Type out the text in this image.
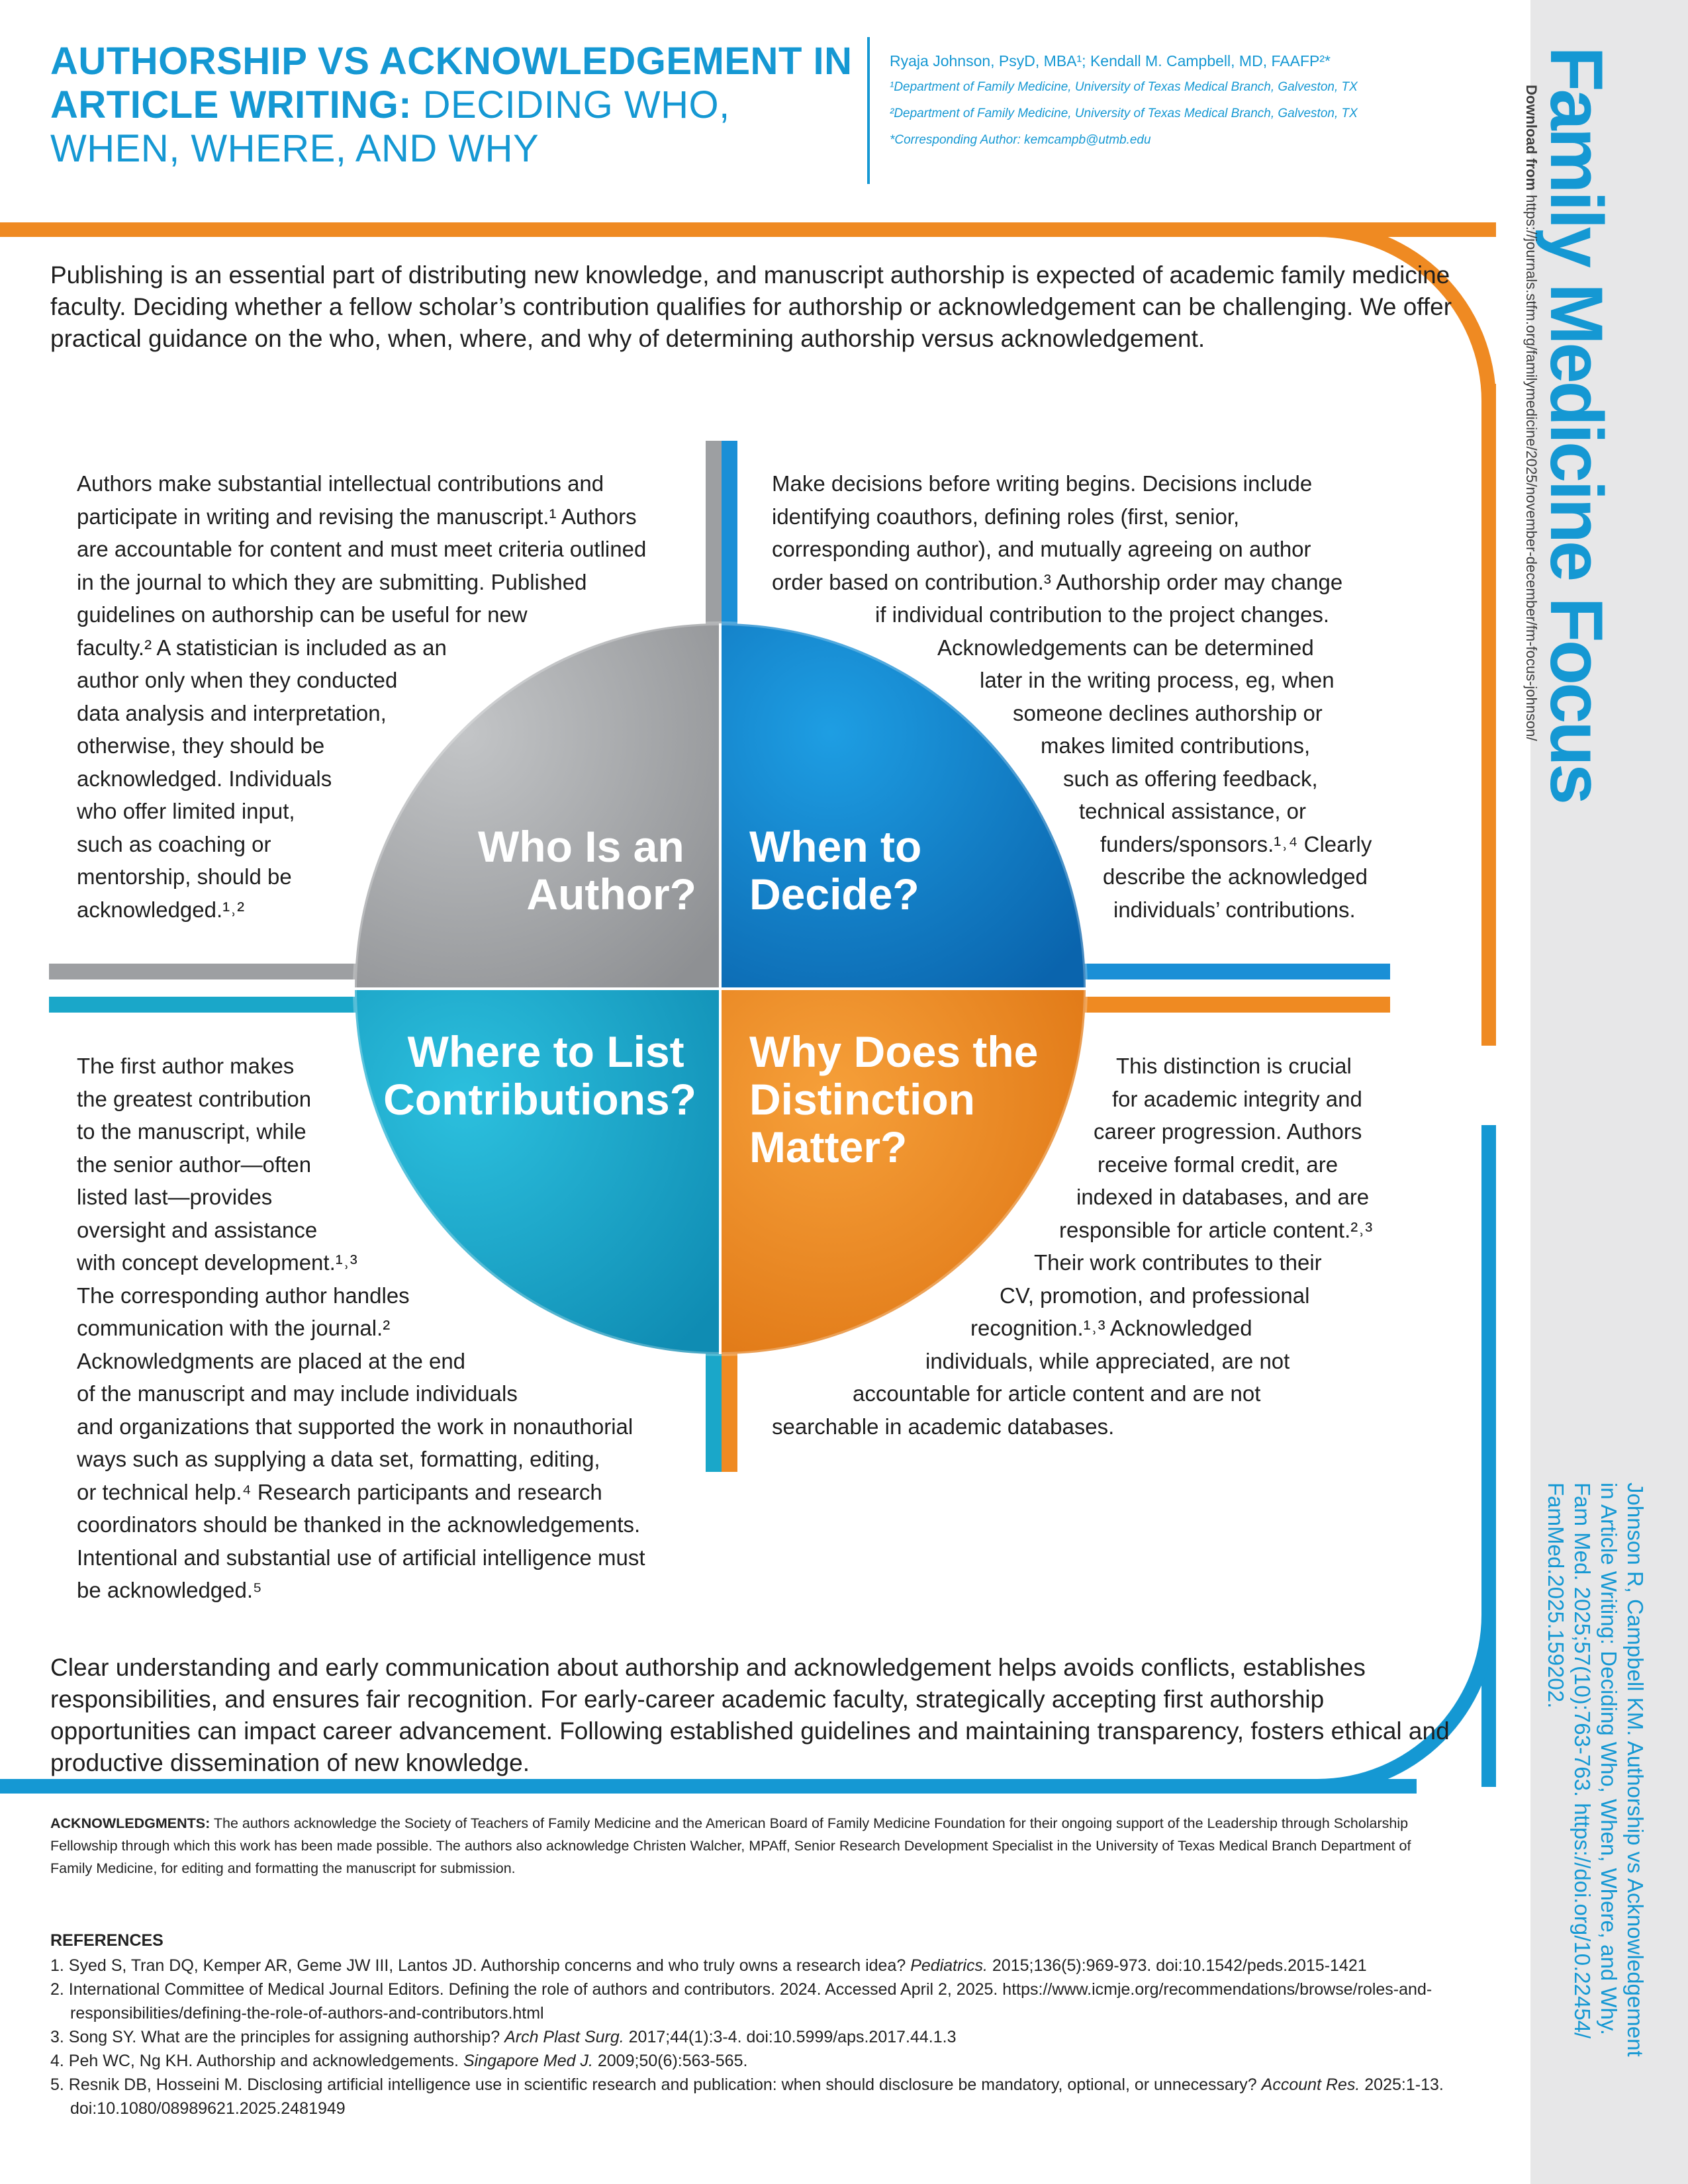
Family Medicine Focus
Download from https://journals.stfm.org/familymedicine/2025/november-december/fm-focus-johnson/
Johnson R, Campbell KM. Authorship vs Acknowledgement
in Article Writing: Deciding Who, When, Where, and Why.
Fam Med. 2025;57(10):763-763. https://doi.org/10.22454/
FamMed.2025.159202.
AUTHORSHIP VS ACKNOWLEDGEMENT IN ARTICLE WRITING: DECIDING WHO, WHEN, WHERE, AND WHY
Ryaja Johnson, PsyD, MBA¹; Kendall M. Campbell, MD, FAAFP²*
¹Department of Family Medicine, University of Texas Medical Branch, Galveston, TX
²Department of Family Medicine, University of Texas Medical Branch, Galveston, TX
*Corresponding Author: kemcampb@utmb.edu
Publishing is an essential part of distributing new knowledge, and manuscript authorship is expected of academic family medicine faculty. Deciding whether a fellow scholar’s contribution qualifies for authorship or acknowledgement can be challenging. We offer practical guidance on the who, when, where, and why of determining authorship versus acknowledgement.
Who Is an Author?
When to Decide?
Where to List Contributions?
Why Does the Distinction Matter?
Authors make substantial intellectual contributions and
participate in writing and revising the manuscript.¹ Authors
are accountable for content and must meet criteria outlined
in the journal to which they are submitting. Published
guidelines on authorship can be useful for new
faculty.² A statistician is included as an
author only when they conducted
data analysis and interpretation,
otherwise, they should be
acknowledged. Individuals
who offer limited input,
such as coaching or
mentorship, should be
acknowledged.¹˒²
Make decisions before writing begins. Decisions include
identifying coauthors, defining roles (first, senior,
corresponding author), and mutually agreeing on author
order based on contribution.³ Authorship order may change
if individual contribution to the project changes.
Acknowledgements can be determined
later in the writing process, eg, when
someone declines authorship or
makes limited contributions,
such as offering feedback,
technical assistance, or
funders/sponsors.¹˒⁴ Clearly
describe the acknowledged
individuals’ contributions.
The first author makes
the greatest contribution
to the manuscript, while
the senior author—often
listed last—provides
oversight and assistance
with concept development.¹˒³
The corresponding author handles
communication with the journal.²
Acknowledgments are placed at the end
of the manuscript and may include individuals
and organizations that supported the work in nonauthorial
ways such as supplying a data set, formatting, editing,
or technical help.⁴ Research participants and research
coordinators should be thanked in the acknowledgements.
Intentional and substantial use of artificial intelligence must
be acknowledged.⁵
This distinction is crucial
for academic integrity and
career progression. Authors
receive formal credit, are
indexed in databases, and are
responsible for article content.²˒³
Their work contributes to their
CV, promotion, and professional
recognition.¹˒³ Acknowledged
individuals, while appreciated, are not
accountable for article content and are not
searchable in academic databases.
Clear understanding and early communication about authorship and acknowledgement helps avoids conflicts, establishes responsibilities, and ensures fair recognition. For early-career academic faculty, strategically accepting first authorship opportunities can impact career advancement. Following established guidelines and maintaining transparency, fosters ethical and productive dissemination of new knowledge.
ACKNOWLEDGMENTS: The authors acknowledge the Society of Teachers of Family Medicine and the American Board of Family Medicine Foundation for their ongoing support of the Leadership through Scholarship Fellowship through which this work has been made possible. The authors also acknowledge Christen Walcher, MPAff, Senior Research Development Specialist in the University of Texas Medical Branch Department of Family Medicine, for editing and formatting the manuscript for submission.
REFERENCES
1. Syed S, Tran DQ, Kemper AR, Geme JW III, Lantos JD. Authorship concerns and who truly owns a research idea? Pediatrics. 2015;136(5):969-973. doi:10.1542/peds.2015-1421
2. International Committee of Medical Journal Editors. Defining the role of authors and contributors. 2024. Accessed April 2, 2025. https://www.icmje.org/recommendations/browse/roles-and-responsibilities/defining-the-role-of-authors-and-contributors.html
3. Song SY. What are the principles for assigning authorship? Arch Plast Surg. 2017;44(1):3-4. doi:10.5999/aps.2017.44.1.3
4. Peh WC, Ng KH. Authorship and acknowledgements. Singapore Med J. 2009;50(6):563-565.
5. Resnik DB, Hosseini M. Disclosing artificial intelligence use in scientific research and publication: when should disclosure be mandatory, optional, or unnecessary? Account Res. 2025:1-13. doi:10.1080/08989621.2025.2481949
